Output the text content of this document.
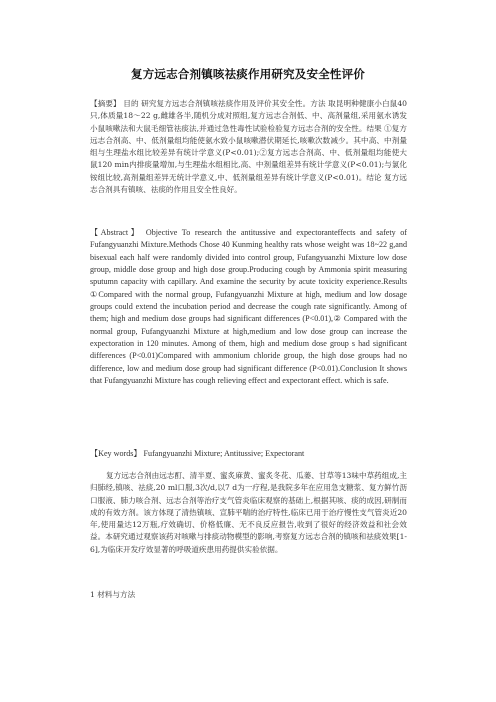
复方远志合剂镇咳祛痰作用研究及安全性评价
【摘要】 目的 研究复方远志合剂镇咳祛痰作用及评价其安全性。方法 取昆明种健康小白鼠40只,体质量18～22 g,雌雄各半,随机分成对照组,复方远志合剂低、中、高剂量组,采用氨水诱发小鼠咳嗽法和大鼠毛细管祛痰法,并通过急性毒性试验检验复方远志合剂的安全性。结果 ①复方远志合剂高、中、低剂量组均能使氨水致小鼠咳嗽潜伏期延长,咳嗽次数减少。其中高、中剂量组与生理盐水组比较差异有统计学意义(P<0.01);②复方远志合剂高、中、低剂量组均能使大鼠120 min内排痰量增加,与生理盐水组相比,高、中剂量组差异有统计学意义(P<0.01);与氯化铵组比较,高剂量组差异无统计学意义,中、低剂量组差异有统计学意义(P<0.01)。结论 复方远志合剂具有镇咳、祛痰的作用且安全性良好。
【Abstract】 Objective To research the antitussive and expectoranteffects and safety of Fufangyuanzhi Mixture.Methods Chose 40 Kunming healthy rats whose weight was 18~22 g,and bisexual each half were randomly divided into control group, Fufangyuanzhi Mixture low dose group, middle dose group and high dose group.Producing cough by Ammonia spirit measuring sputumn capacity with capillary. And examine the security by acute toxicity experience.Results ①Compared with the normal group, Fufangyuanzhi Mixture at high, medium and low dosage groups could extend the incubation period and decrease the cough rate significantly. Among of them; high and medium dose groups had significant differences (P<0.01),② Compared with the normal group, Fufangyuanzhi Mixture at high,medium and low dose group can increase the expectoration in 120 minutes. Among of them, high and medium dose group s had significant differences (P<0.01)Compared with ammonium chloride group, the high dose groups had no difference, low and medium dose group had significant difference (P<0.01).Conclusion It shows that Fufangyuanzhi Mixture has cough relieving effect and expectorant effect. which is safe.
【Key words】 Fufangyuanzhi Mixture; Antitussive; Expectorant
复方远志合剂由远志酊、清半夏、蜜炙麻黄、蜜炙冬花、瓜蒌、甘草等13味中草药组成,主归肺经,镇咳、祛痰,20 ml口服,3次/d,以7 d为一疗程,是我院多年在应用急支糖浆、复方鲜竹沥口服液、肺力咳合剂、远志合剂等治疗支气管炎临床观察的基础上,根据其咳、痰的成因,研制而成的有效方剂。该方体现了清热镇咳、宣肺平喘的治疗特性,临床已用于治疗慢性支气管炎近20年,使用量达12万瓶,疗效确切、价格低廉、无不良反应报告,收到了很好的经济效益和社会效益。本研究通过观察该药对咳嗽与排痰动物模型的影响,考察复方远志合剂的镇咳和祛痰效果[1-6],为临床开发疗效显著的呼吸道疾患用药提供实验依据。
1 材料与方法
